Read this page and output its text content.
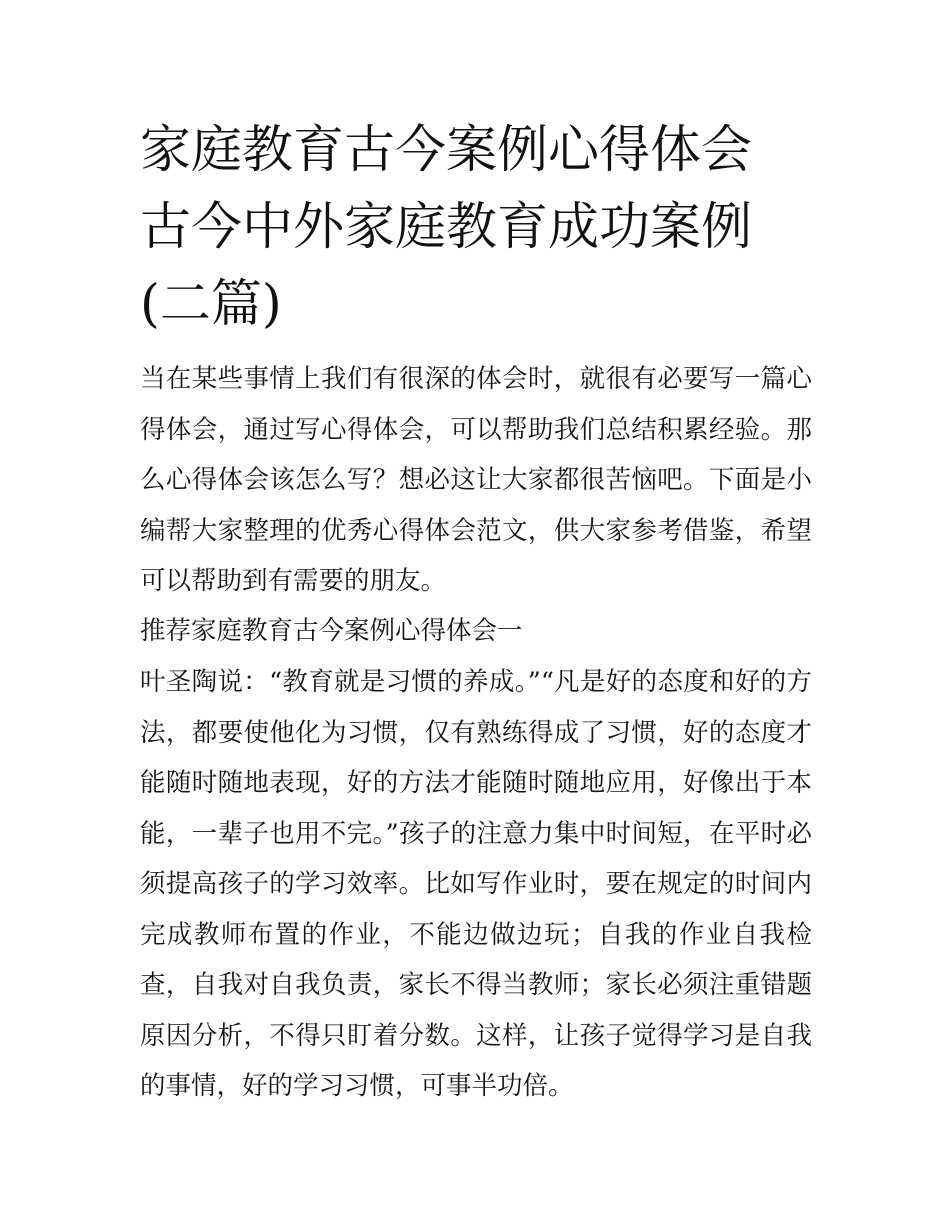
家庭教育古今案例心得体会 古今中外家庭教育成功案例(二篇)

当在某些事情上我们有很深的体会时，就很有必要写一篇心得体会，通过写心得体会，可以帮助我们总结积累经验。那么心得体会该怎么写？想必这让大家都很苦恼吧。下面是小编帮大家整理的优秀心得体会范文，供大家参考借鉴，希望可以帮助到有需要的朋友。

推荐家庭教育古今案例心得体会一

叶圣陶说：“教育就是习惯的养成。”“凡是好的态度和好的方法，都要使他化为习惯，仅有熟练得成了习惯，好的态度才能随时随地表现，好的方法才能随时随地应用，好像出于本能，一辈子也用不完。”孩子的注意力集中时间短，在平时必须提高孩子的学习效率。比如写作业时，要在规定的时间内完成教师布置的作业，不能边做边玩；自我的作业自我检查，自我对自我负责，家长不得当教师；家长必须注重错题原因分析，不得只盯着分数。这样，让孩子觉得学习是自我的事情，好的学习习惯，可事半功倍。
